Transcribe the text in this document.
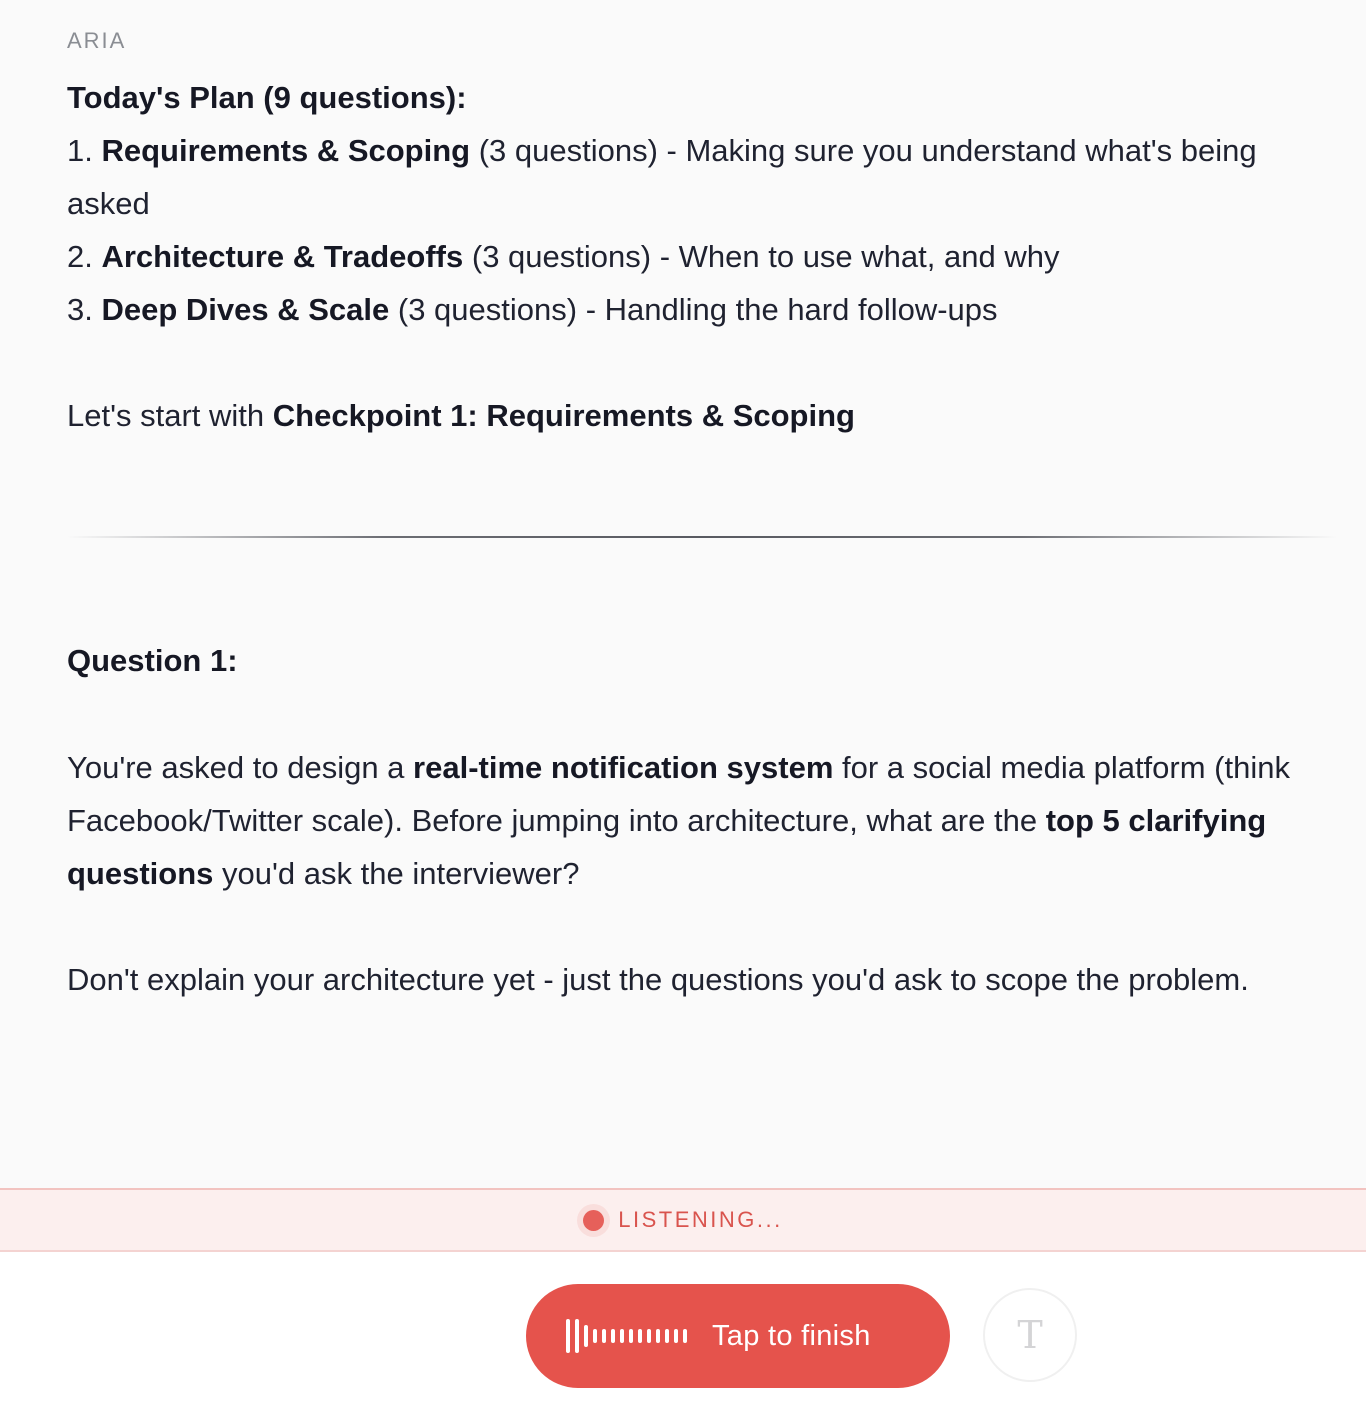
ARIA
Today's Plan (9 questions):
1. Requirements & Scoping (3 questions) - Making sure you understand what's being asked
2. Architecture & Tradeoffs (3 questions) - When to use what, and why
3. Deep Dives & Scale (3 questions) - Handling the hard follow-ups
Let's start with Checkpoint 1: Requirements & Scoping
Question 1:
You're asked to design a real-time notification system for a social media platform (think Facebook/Twitter scale). Before jumping into architecture, what are the top 5 clarifying questions you'd ask the interviewer?
Don't explain your architecture yet - just the questions you'd ask to scope the problem.
LISTENING...
Tap to finish	T
